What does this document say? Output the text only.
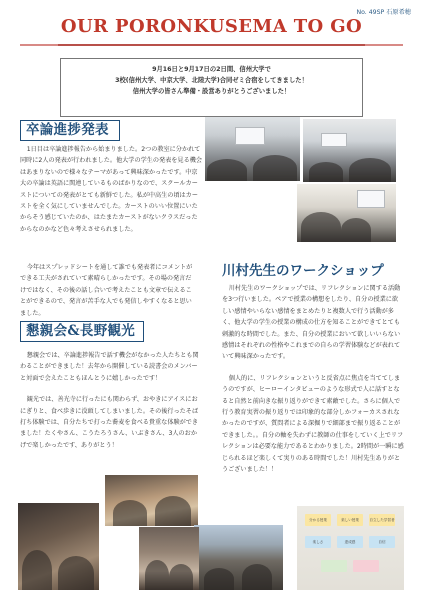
No. 49SP 石原希穂
OUR PORONKUSEMA TO GO

9月16日と9月17日の2日間、信州大学で

3校(信州大学、中京大学、北陸大学)合同ゼミ合宿をしてきました！

信州大学の皆さん準備・設営ありがとうございました！

卒論進捗発表

1日目は卒論進捗報告から始まりました。2つの教室に分かれて同時に2人の発表が行われました。他大学の学生の発表を見る機会はあまりないので様々なテーマがあって興味深かったです。中京大の卒論は英語に関連しているものばかりなので、スクールカーストについての発表がとても新鮮でした。私が中高生の頃はカーストを全く気にしていませんでした。カーストのいい位置にいたからそう感じていたのか、はたまたカーストがないクラスだったからなのかなど色々考えさせられました。

今年はスプレッドシートを通して誰でも発表者にコメントができる工夫がされていて素晴らしかったです。その場の発言だけではなく、その後の話し合いで考えたことも文章で伝えることができるので、発言が苦手な人でも発信しやすくなると思いました。

懇親会&長野観光

懇親会では、卒論進捗報告で話す機会がなかった人たちとも関わることができました！去年から開催している読書会のメンバーと対面で会えたこともほんとうに嬉しかったです！

観光では、善光寺に行ったにも関わらず、おやきにアイスにおにぎりと、食べ歩きに没頭してしまいました。その後行ったそば打ち体験では、自分たちで打った蕎麦を食べる貴重な体験ができました！たくやさん、こうたろうさん、いぶきさん、3人のおかげで楽しかったです、ありがとう！

川村先生のワークショップ

川村先生のワークショップでは、リフレクションに関する活動を3つ行いました。ペアで授業の構想をしたり、自分の授業に欲しい感情やいらない感情をまとめたりと複数人で行う活動が多く、他大学の学生の授業の構成の仕方を知ることができてとても刺激的な時間でした。また、自分の授業において欲しいいらない感情はそれぞれの性格やこれまでの自らの学習体験などが表れていて興味深かったです。

個人的に、リフレクションというと反省点に焦点を当ててしまうのですが、ヒーローインタビューのような形式で人に話すとなると自然と前向きな振り返りができて素敵でした。さらに個人で行う教育実習の振り返りでは印象的な部分しかフォーカスされなかったのですが、質問者による深掘りで細部まで振り返ることができました。。自分の軸を失わずに教師の仕事をしていく上でリフレクションは必要な能力であるとわかりました。2時間が一瞬に感じられるほど楽しくて実りのある時間でした！川村先生ありがとうございました！！

分かる授業	楽しい授業	自立した学習者
楽しさ	達成感	自信
